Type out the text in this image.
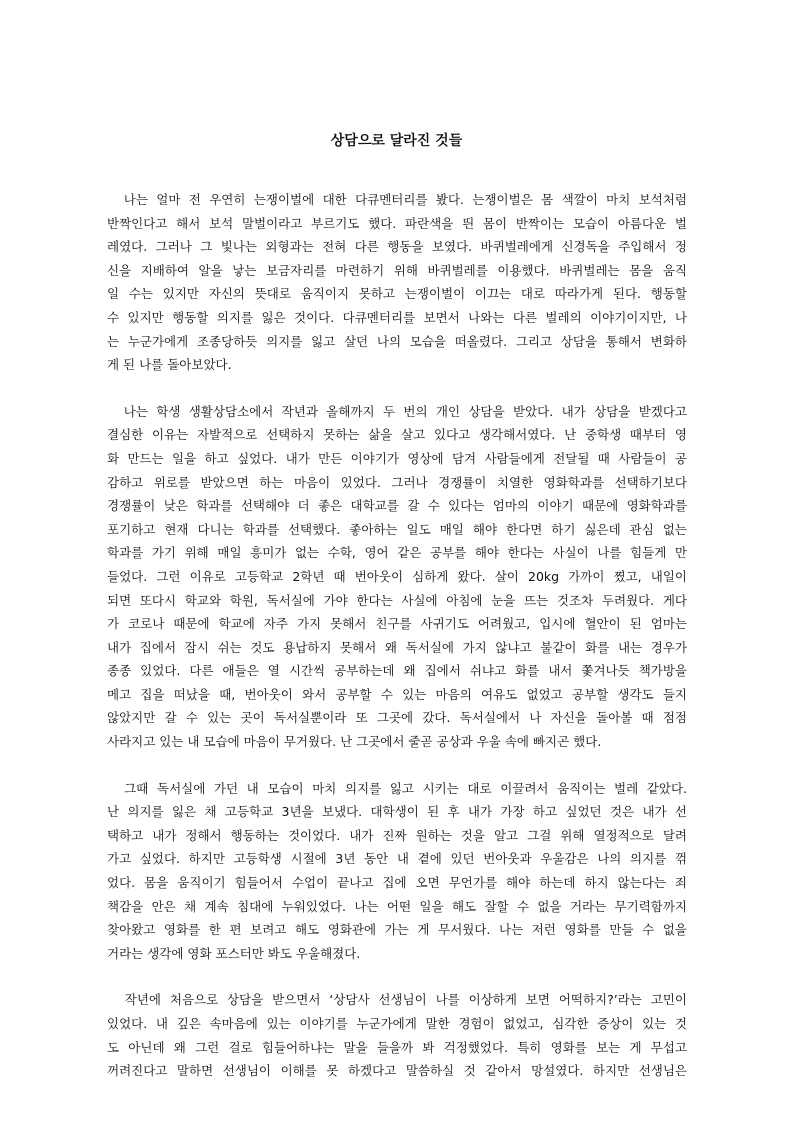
상담으로 달라진 것들
나는 얼마 전 우연히 는쟁이벌에 대한 다큐멘터리를 봤다. 는쟁이벌은 몸 색깔이 마치 보석처럼
반짝인다고 해서 보석 말벌이라고 부르기도 했다. 파란색을 띈 몸이 반짝이는 모습이 아름다운 벌
레였다. 그러나 그 빛나는 외형과는 전혀 다른 행동을 보였다. 바퀴벌레에게 신경독을 주입해서 정
신을 지배하여 알을 낳는 보금자리를 마련하기 위해 바퀴벌레를 이용했다. 바퀴벌레는 몸을 움직
일 수는 있지만 자신의 뜻대로 움직이지 못하고 는쟁이벌이 이끄는 대로 따라가게 된다. 행동할
수 있지만 행동할 의지를 잃은 것이다. 다큐멘터리를 보면서 나와는 다른 벌레의 이야기이지만, 나
는 누군가에게 조종당하듯 의지를 잃고 살던 나의 모습을 떠올렸다. 그리고 상담을 통해서 변화하
게 된 나를 돌아보았다.
나는 학생 생활상담소에서 작년과 올해까지 두 번의 개인 상담을 받았다. 내가 상담을 받겠다고
결심한 이유는 자발적으로 선택하지 못하는 삶을 살고 있다고 생각해서였다. 난 중학생 때부터 영
화 만드는 일을 하고 싶었다. 내가 만든 이야기가 영상에 담겨 사람들에게 전달될 때 사람들이 공
감하고 위로를 받았으면 하는 마음이 있었다. 그러나 경쟁률이 치열한 영화학과를 선택하기보다
경쟁률이 낮은 학과를 선택해야 더 좋은 대학교를 갈 수 있다는 엄마의 이야기 때문에 영화학과를
포기하고 현재 다니는 학과를 선택했다. 좋아하는 일도 매일 해야 한다면 하기 싫은데 관심 없는
학과를 가기 위해 매일 흥미가 없는 수학, 영어 같은 공부를 해야 한다는 사실이 나를 힘들게 만
들었다. 그런 이유로 고등학교 2학년 때 번아웃이 심하게 왔다. 살이 20kg 가까이 쪘고, 내일이
되면 또다시 학교와 학원, 독서실에 가야 한다는 사실에 아침에 눈을 뜨는 것조차 두려웠다. 게다
가 코로나 때문에 학교에 자주 가지 못해서 친구를 사귀기도 어려웠고, 입시에 혈안이 된 엄마는
내가 집에서 잠시 쉬는 것도 용납하지 못해서 왜 독서실에 가지 않냐고 불같이 화를 내는 경우가
종종 있었다. 다른 애들은 열 시간씩 공부하는데 왜 집에서 쉬냐고 화를 내서 쫓겨나듯 책가방을
메고 집을 떠났을 때, 번아웃이 와서 공부할 수 있는 마음의 여유도 없었고 공부할 생각도 들지
않았지만 갈 수 있는 곳이 독서실뿐이라 또 그곳에 갔다. 독서실에서 나 자신을 돌아볼 때 점점
사라지고 있는 내 모습에 마음이 무거웠다. 난 그곳에서 줄곧 공상과 우울 속에 빠지곤 했다.
그때 독서실에 가던 내 모습이 마치 의지를 잃고 시키는 대로 이끌려서 움직이는 벌레 같았다.
난 의지를 잃은 채 고등학교 3년을 보냈다. 대학생이 된 후 내가 가장 하고 싶었던 것은 내가 선
택하고 내가 정해서 행동하는 것이었다. 내가 진짜 원하는 것을 알고 그걸 위해 열정적으로 달려
가고 싶었다. 하지만 고등학생 시절에 3년 동안 내 곁에 있던 번아웃과 우울감은 나의 의지를 꺾
었다. 몸을 움직이기 힘들어서 수업이 끝나고 집에 오면 무언가를 해야 하는데 하지 않는다는 죄
책감을 안은 채 계속 침대에 누워있었다. 나는 어떤 일을 해도 잘할 수 없을 거라는 무기력함까지
찾아왔고 영화를 한 편 보려고 해도 영화관에 가는 게 무서웠다. 나는 저런 영화를 만들 수 없을
거라는 생각에 영화 포스터만 봐도 우울해졌다.
작년에 처음으로 상담을 받으면서 ‘상담사 선생님이 나를 이상하게 보면 어떡하지?’라는 고민이
있었다. 내 깊은 속마음에 있는 이야기를 누군가에게 말한 경험이 없었고, 심각한 증상이 있는 것
도 아닌데 왜 그런 걸로 힘들어하냐는 말을 들을까 봐 걱정했었다. 특히 영화를 보는 게 무섭고
꺼려진다고 말하면 선생님이 이해를 못 하겠다고 말씀하실 것 같아서 망설였다. 하지만 선생님은
